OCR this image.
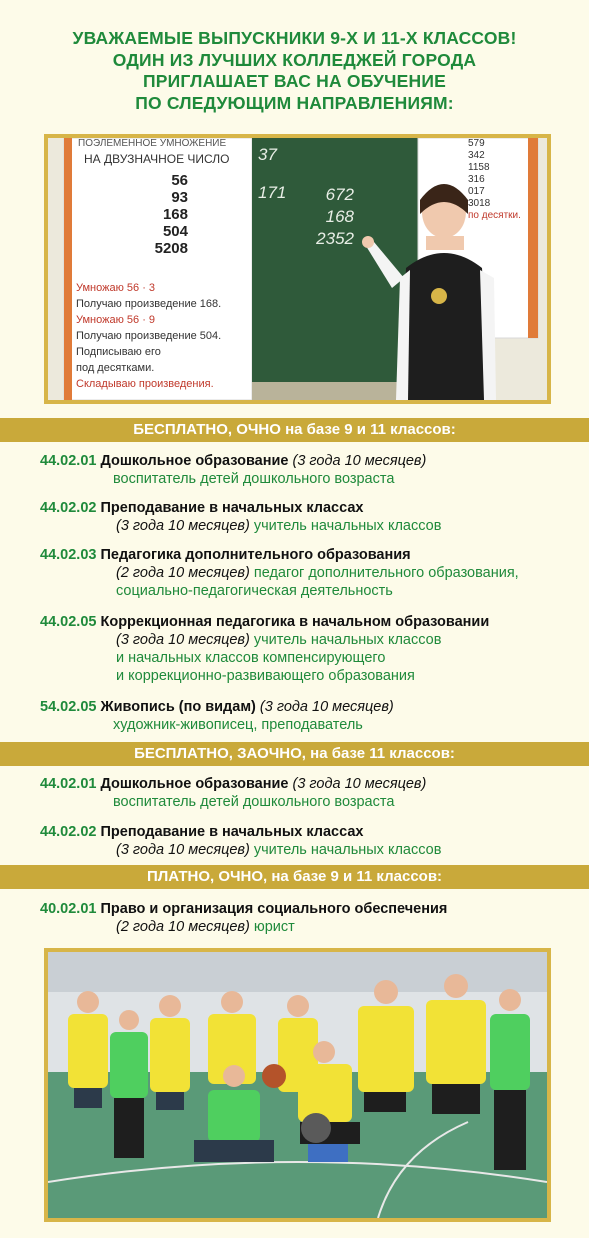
УВАЖАЕМЫЕ ВЫПУСКНИКИ 9-Х И 11-Х КЛАССОВ!
ОДИН ИЗ ЛУЧШИХ КОЛЛЕДЖЕЙ ГОРОДА
ПРИГЛАШАЕТ ВАС НА ОБУЧЕНИЕ
ПО СЛЕДУЮЩИМ НАПРАВЛЕНИЯМ:
ПОЭЛЕМЕННОЕ УМНОЖЕНИЕ
НА ДВУЗНАЧНОЕ ЧИСЛО
56
93
168
504
5208
Умножаю 56 · 3
Получаю произведение 168.
Умножаю 56 · 9
Получаю произведение 504.
Подписываю его
под десятками.
Складываю произведения.
37
171	672
168
2352
579
342
1158
316
017
3018
по десятки.
БЕСПЛАТНО, ОЧНО на базе 9 и 11 классов:
44.02.01 Дошкольное образование (3 года 10 месяцев)
воспитатель детей дошкольного возраста
44.02.02 Преподавание в начальных классах
(3 года 10 месяцев) учитель начальных классов
44.02.03 Педагогика дополнительного образования
(2 года 10 месяцев) педагог дополнительного образования,
социально-педагогическая деятельность
44.02.05 Коррекционная педагогика в начальном образовании
(3 года 10 месяцев) учитель начальных классов
и начальных классов компенсирующего
и коррекционно-развивающего образования
54.02.05 Живопись (по видам) (3 года 10 месяцев)
художник-живописец, преподаватель
БЕСПЛАТНО, ЗАОЧНО, на базе 11 классов:
44.02.01 Дошкольное образование (3 года 10 месяцев)
воспитатель детей дошкольного возраста
44.02.02 Преподавание в начальных классах
(3 года 10 месяцев) учитель начальных классов
ПЛАТНО, ОЧНО, на базе 9 и 11 классов:
40.02.01 Право и организация социального обеспечения
(2 года 10 месяцев) юрист
